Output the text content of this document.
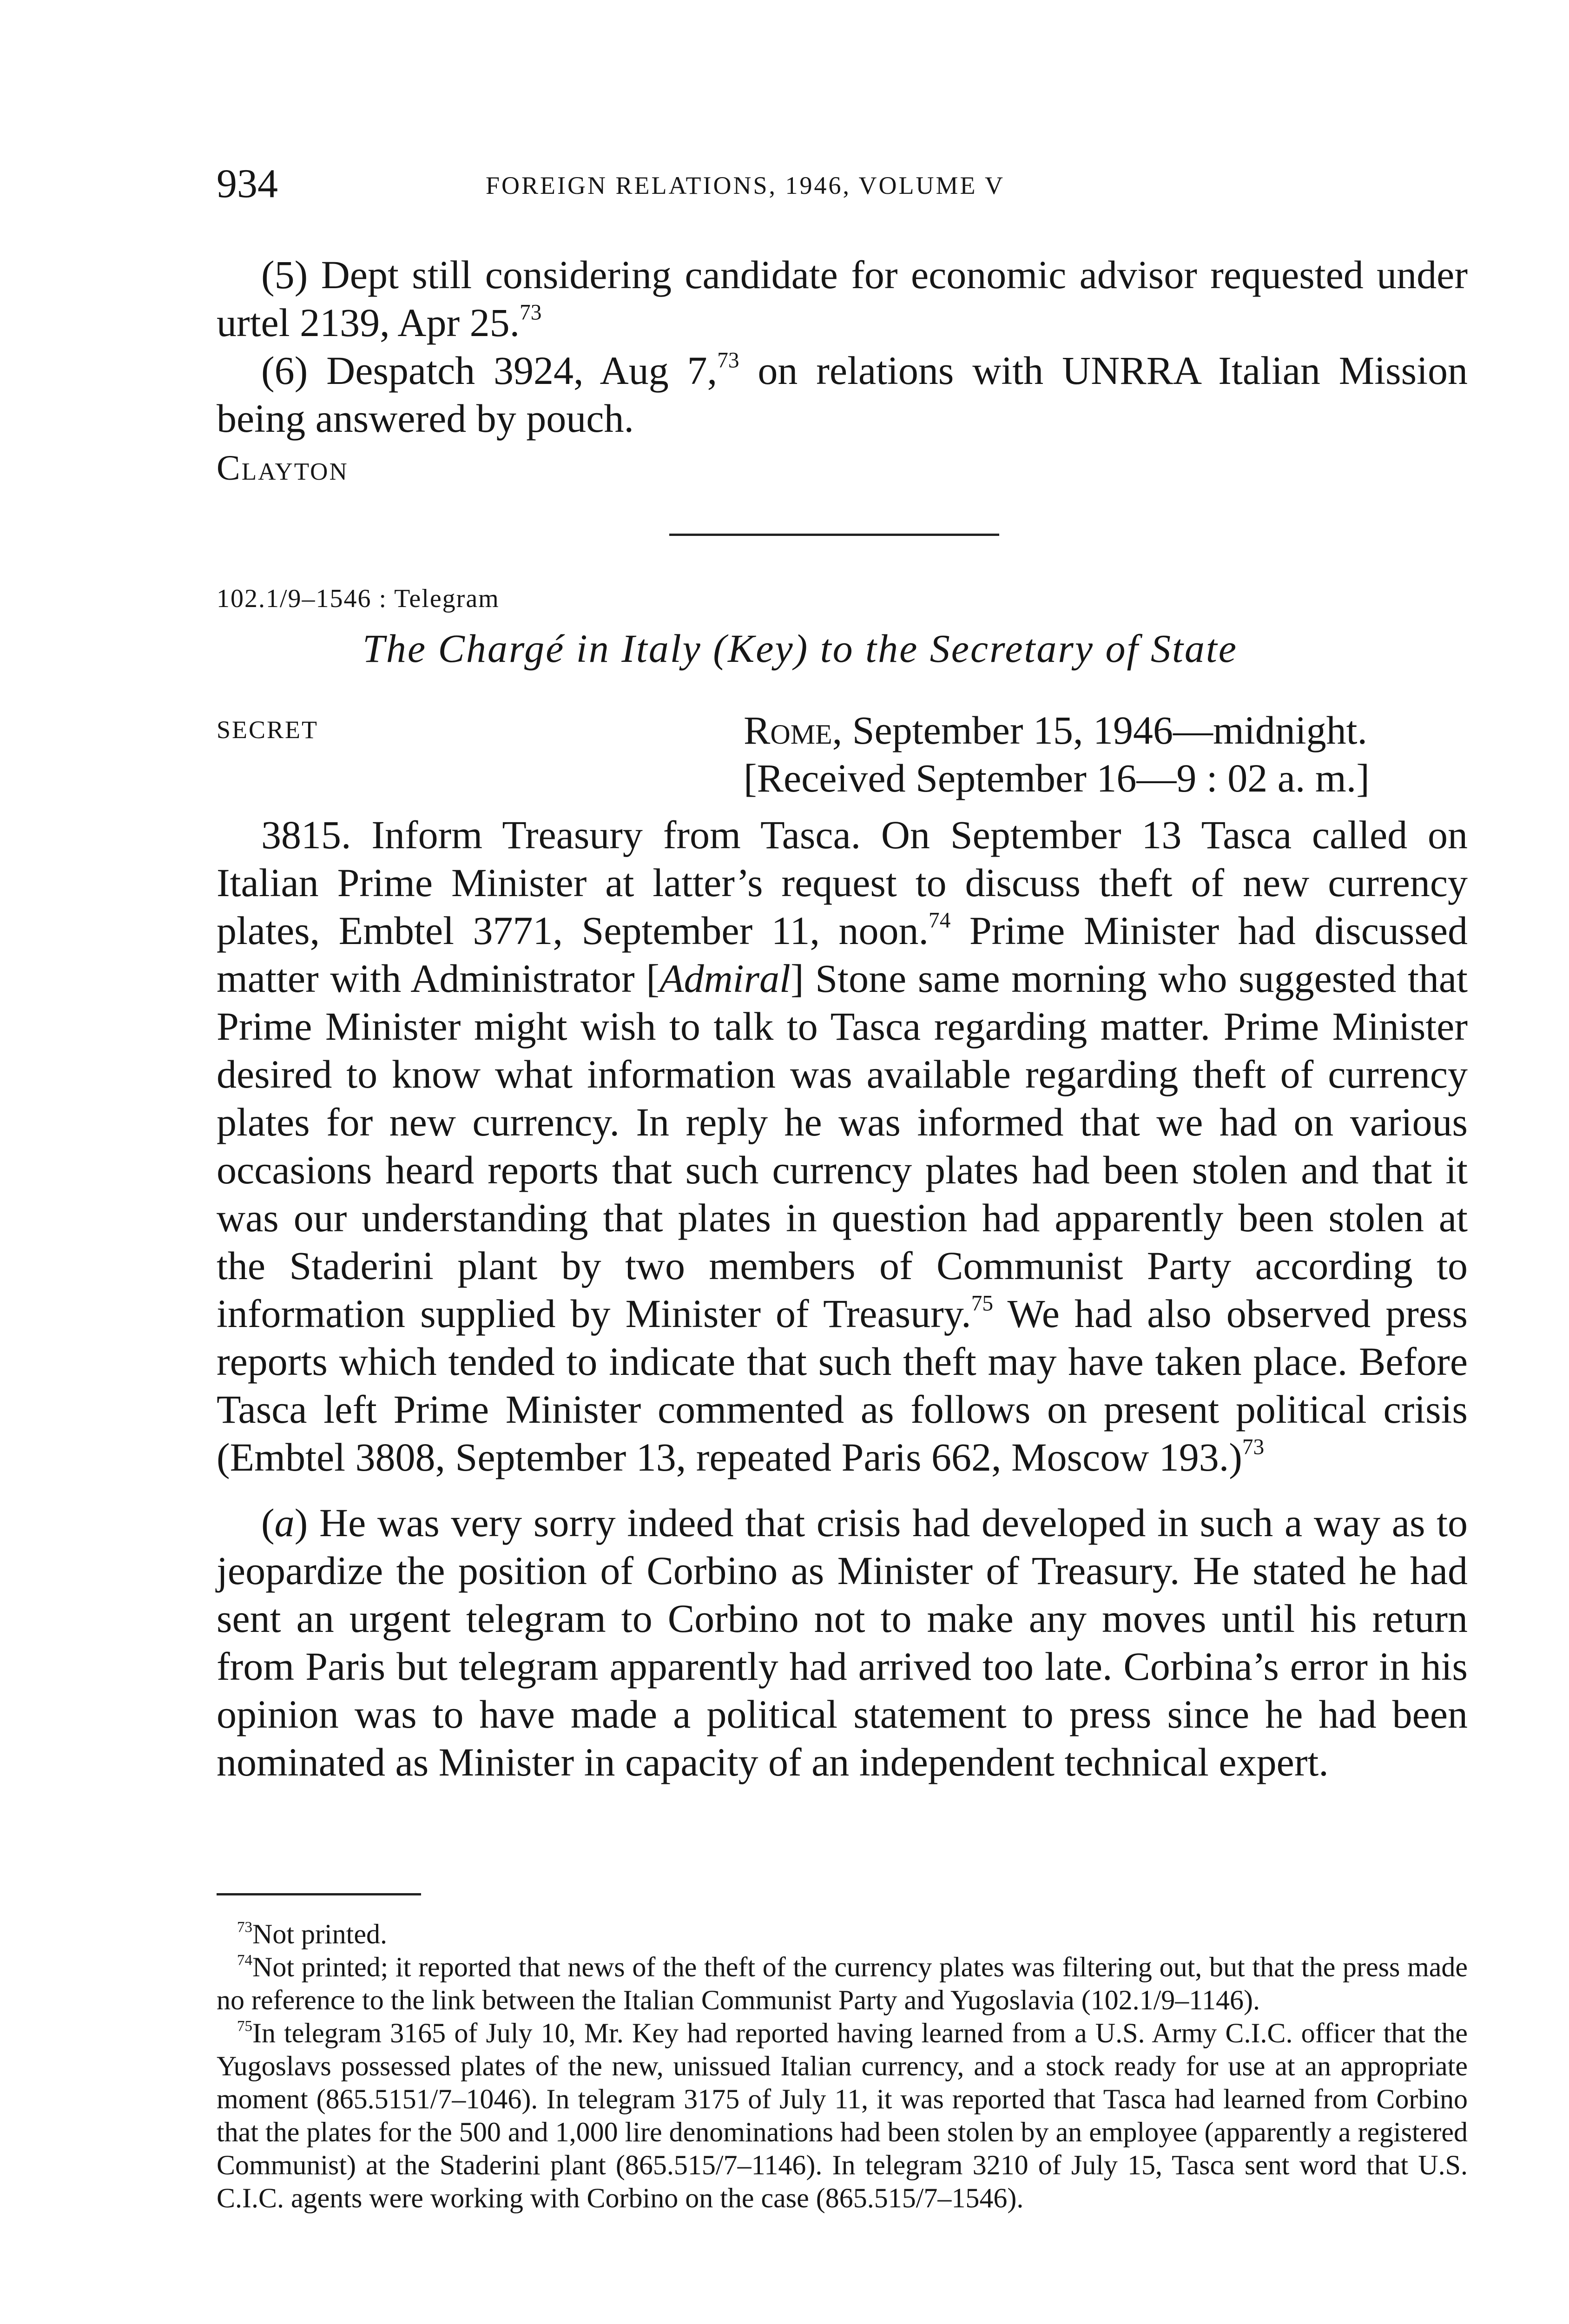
934	FOREIGN RELATIONS, 1946, VOLUME V

(5) Dept still considering candidate for economic advisor requested under urtel 2139, Apr 25.73

(6) Despatch 3924, Aug 7,73 on relations with UNRRA Italian Mission being answered by pouch.

Clayton

102.1/9–1546 : Telegram
The Chargé in Italy (Key) to the Secretary of State
SECRET	Rome, September 15, 1946—midnight.
[Received September 16—9 : 02 a. m.]

3815. Inform Treasury from Tasca. On September 13 Tasca called on Italian Prime Minister at latter’s request to discuss theft of new currency plates, Embtel 3771, September 11, noon.$^{74}$ Prime Minister had discussed matter with Administrator [Admiral] Stone same morning who suggested that Prime Minister might wish to talk to Tasca regarding matter. Prime Minister desired to know what information was available regarding theft of currency plates for new currency. In reply he was informed that we had on various occasions heard reports that such currency plates had been stolen and that it was our understanding that plates in question had apparently been stolen at the Staderini plant by two members of Communist Party according to information supplied by Minister of Treasury.$^{75}$ We had also observed press reports which tended to indicate that such theft may have taken place. Before Tasca left Prime Minister commented as follows on present political crisis (Embtel 3808, September 13, repeated Paris 662, Moscow 193.)$^{73}$

(a) He was very sorry indeed that crisis had developed in such a way as to jeopardize the position of Corbino as Minister of Treasury. He stated he had sent an urgent telegram to Corbino not to make any moves until his return from Paris but telegram apparently had arrived too late. Corbina’s error in his opinion was to have made a political statement to press since he had been nominated as Minister in capacity of an independent technical expert.

$^{73}$Not printed.

$^{74}$Not printed; it reported that news of the theft of the currency plates was filtering out, but that the press made no reference to the link between the Italian Communist Party and Yugoslavia (102.1/9–1146).

$^{75}$In telegram 3165 of July 10, Mr. Key had reported having learned from a U.S. Army C.I.C. officer that the Yugoslavs possessed plates of the new, unissued Italian currency, and a stock ready for use at an appropriate moment (865.5151/7–1046). In telegram 3175 of July 11, it was reported that Tasca had learned from Corbino that the plates for the 500 and 1,000 lire denominations had been stolen by an employee (apparently a registered Communist) at the Staderini plant (865.515/7–1146). In telegram 3210 of July 15, Tasca sent word that U.S. C.I.C. agents were working with Corbino on the case (865.515/7–1546).
